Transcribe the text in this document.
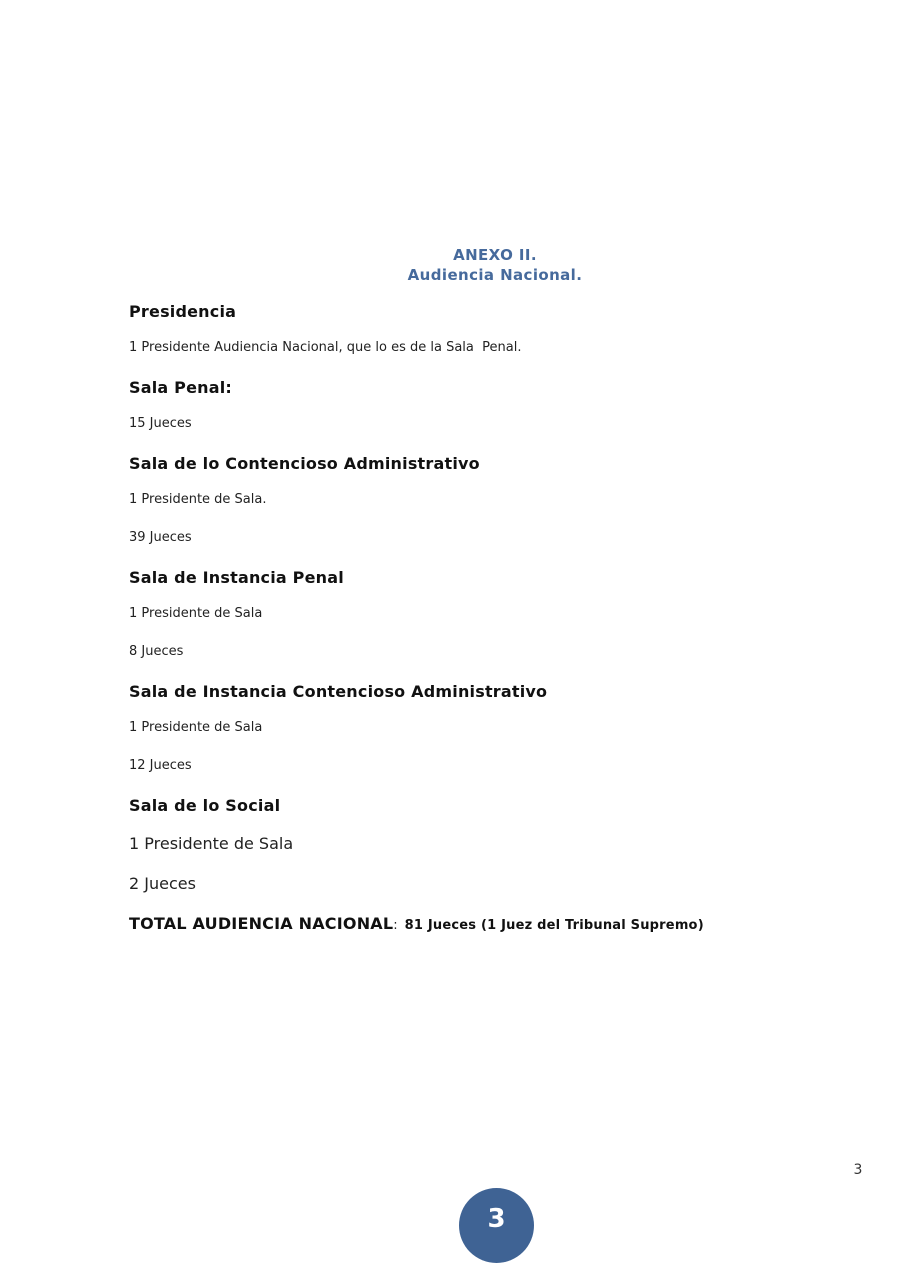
ANEXO II.
Audiencia Nacional.
Presidencia

1 Presidente Audiencia Nacional, que lo es de la Sala  Penal.

Sala Penal:

15 Jueces

Sala de lo Contencioso Administrativo

1 Presidente de Sala.

39 Jueces

Sala de Instancia Penal

1 Presidente de Sala

8 Jueces

Sala de Instancia Contencioso Administrativo

1 Presidente de Sala

12 Jueces

Sala de lo Social

1 Presidente de Sala

2 Jueces

TOTAL AUDIENCIA NACIONAL: 81 Jueces (1 Juez del Tribunal Supremo)

3
3
